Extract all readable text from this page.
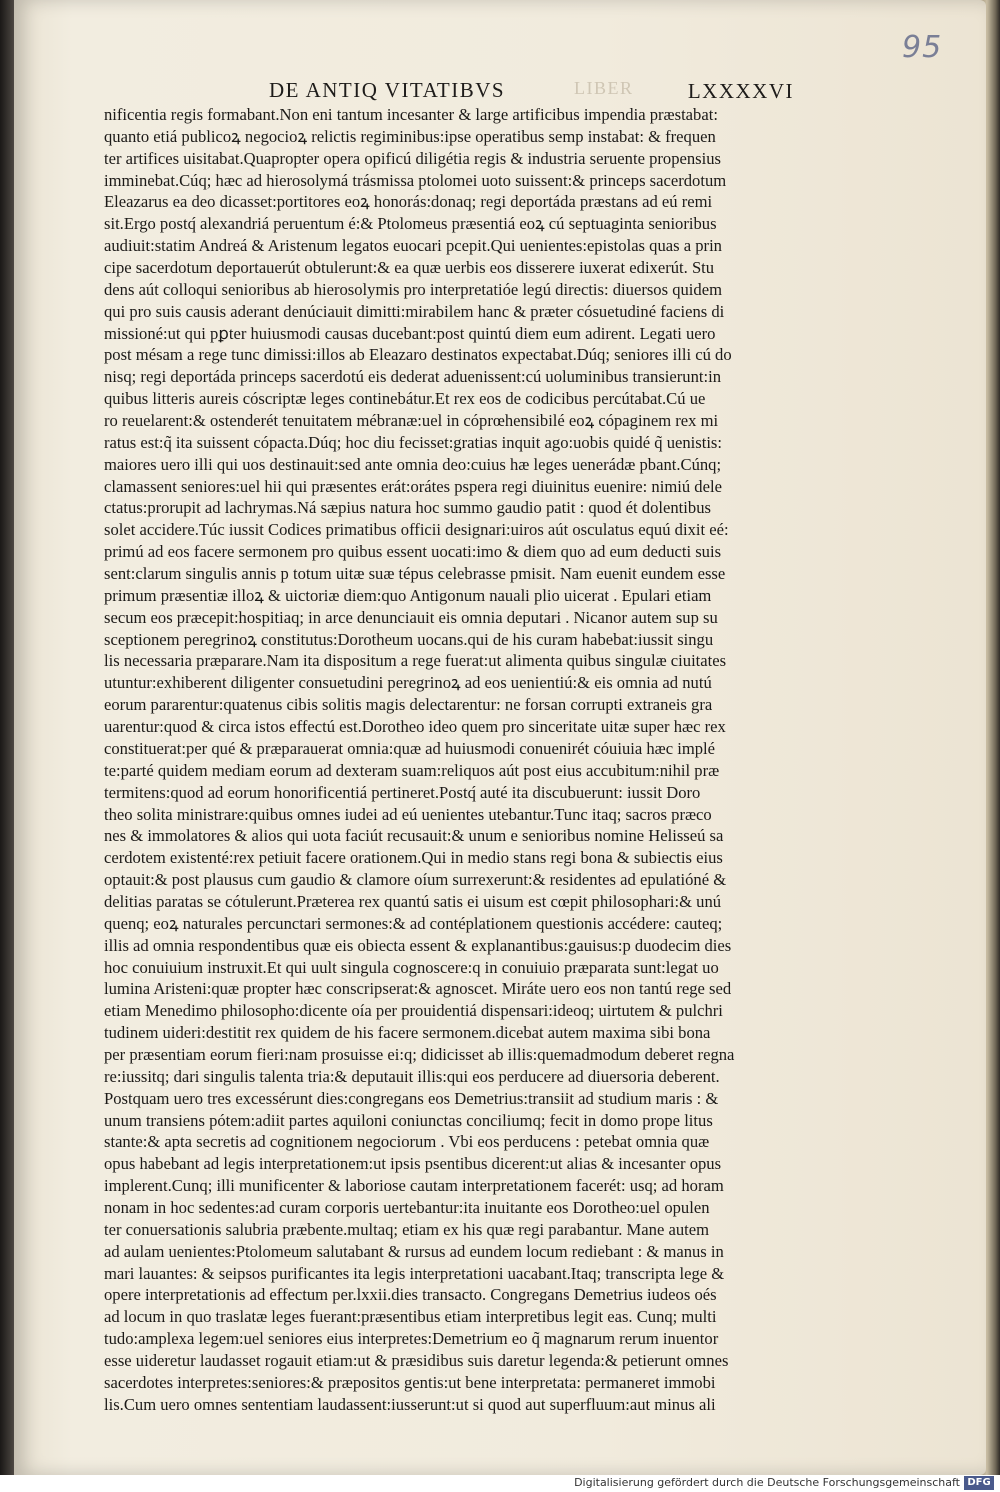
95
DE ANTIQ VITATIBVS	LIBER	LXXXXVI
nificentia regis formabant.Non eni tantum incesanter & large artificibus impendia præstabat:
quanto etiá publicoꝝ negocioꝝ relictis regiminibus:ipse operatibus semp instabat: & frequen
ter artifices uisitabat.Quapropter opera opificú diligétia regis & industria seruente propensius
imminebat.Cúq; hæc ad hierosolymá trásmissa ptolomei uoto suissent:& princeps sacerdotum
Eleazarus ea deo dicasset:portitores eoꝝ honorás:donaq; regi deportáda præstans ad eú remi
sit.Ergo postq́ alexandriá peruentum é:& Ptolomeus præsentiá eoꝝ cú septuaginta senioribus
audiuit:statim Andreá & Aristenum legatos euocari pcepit.Qui uenientes:epistolas quas a prin
cipe sacerdotum deportauerút obtulerunt:& ea quæ uerbis eos disserere iuxerat edixerút. Stu
dens aút colloqui senioribus ab hierosolymis pro interpretatióe legú directis: diuersos quidem
qui pro suis causis aderant denúciauit dimitti:mirabilem hanc & præter cósuetudiné faciens di
missioné:ut qui pꝑter huiusmodi causas ducebant:post quintú diem eum adirent. Legati uero
post mésam a rege tunc dimissi:illos ab Eleazaro destinatos expectabat.Dúq; seniores illi cú do
nisq; regi deportáda princeps sacerdotú eis dederat aduenissent:cú uoluminibus transierunt:in
quibus litteris aureis cóscriptæ leges continebátur.Et rex eos de codicibus percútabat.Cú ue
ro reuelarent:& ostenderét tenuitatem mébranæ:uel in cóprœhensibilé eoꝝ cópaginem rex mi
ratus est:q̃ ita suissent cópacta.Dúq; hoc diu fecisset:gratias inquit ago:uobis quidé q̃ uenistis:
maiores uero illi qui uos destinauit:sed ante omnia deo:cuius hæ leges uenerádæ pbant.Cúnq;
clamassent seniores:uel hii qui præsentes erát:orátes pspera regi diuinitus euenire: nimiú dele
ctatus:prorupit ad lachrymas.Ná sæpius natura hoc summo gaudio patit : quod ét dolentibus
solet accidere.Túc iussit Codices primatibus officii designari:uiros aút osculatus equú dixit eé:
primú ad eos facere sermonem pro quibus essent uocati:imo & diem quo ad eum deducti suis
sent:clarum singulis annis p totum uitæ suæ tépus celebrasse pmisit. Nam euenit eundem esse
primum præsentiæ illoꝝ & uictoriæ diem:quo Antigonum nauali plio uicerat . Epulari etiam
secum eos præcepit:hospitiaq; in arce denunciauit eis omnia deputari . Nicanor autem sup su
sceptionem peregrinoꝝ constitutus:Dorotheum uocans.qui de his curam habebat:iussit singu
lis necessaria præparare.Nam ita dispositum a rege fuerat:ut alimenta quibus singulæ ciuitates
utuntur:exhiberent diligenter consuetudini peregrinoꝝ ad eos uenientiú:& eis omnia ad nutú
eorum pararentur:quatenus cibis solitis magis delectarentur: ne forsan corrupti extraneis gra
uarentur:quod & circa istos effectú est.Dorotheo ideo quem pro sinceritate uitæ super hæc rex
constituerat:per qué & præparauerat omnia:quæ ad huiusmodi conuenirét cóuiuia hæc implé
te:parté quidem mediam eorum ad dexteram suam:reliquos aút post eius accubitum:nihil præ
termitens:quod ad eorum honorificentiá pertineret.Postq́ auté ita discubuerunt: iussit Doro
theo solita ministrare:quibus omnes iudei ad eú uenientes utebantur.Tunc itaq; sacros præco
nes & immolatores & alios qui uota faciút recusauit:& unum e senioribus nomine Helisseú sa
cerdotem existenté:rex petiuit facere orationem.Qui in medio stans regi bona & subiectis eius
optauit:& post plausus cum gaudio & clamore oíum surrexerunt:& residentes ad epulatióné &
delitias paratas se cótulerunt.Præterea rex quantú satis ei uisum est cœpit philosophari:& unú
quenq; eoꝝ naturales percunctari sermones:& ad contéplationem questionis accédere: cauteq;
illis ad omnia respondentibus quæ eis obiecta essent & explanantibus:gauisus:p duodecim dies
hoc conuiuium instruxit.Et qui uult singula cognoscere:q in conuiuio præparata sunt:legat uo
lumina Aristeni:quæ propter hæc conscripserat:& agnoscet. Miráte uero eos non tantú rege sed
etiam Menedimo philosopho:dicente oía per prouidentiá dispensari:ideoq; uirtutem & pulchri
tudinem uideri:destitit rex quidem de his facere sermonem.dicebat autem maxima sibi bona
per præsentiam eorum fieri:nam prosuisse ei:q; didicisset ab illis:quemadmodum deberet regna
re:iussitq; dari singulis talenta tria:& deputauit illis:qui eos perducere ad diuersoria deberent.
Postquam uero tres excessérunt dies:congregans eos Demetrius:transiit ad studium maris : &
unum transiens pótem:adiit partes aquiloni coniunctas conciliumq; fecit in domo prope litus
stante:& apta secretis ad cognitionem negociorum . Vbi eos perducens : petebat omnia quæ
opus habebant ad legis interpretationem:ut ipsis psentibus dicerent:ut alias & incesanter opus
implerent.Cunq; illi munificenter & laboriose cautam interpretationem facerét: usq; ad horam
nonam in hoc sedentes:ad curam corporis uertebantur:ita inuitante eos Dorotheo:uel opulen
ter conuersationis salubria præbente.multaq; etiam ex his quæ regi parabantur. Mane autem
ad aulam uenientes:Ptolomeum salutabant & rursus ad eundem locum rediebant : & manus in
mari lauantes: & seipsos purificantes ita legis interpretationi uacabant.Itaq; transcripta lege &
opere interpretationis ad effectum per.lxxii.dies transacto. Congregans Demetrius iudeos oés
ad locum in quo traslatæ leges fuerant:præsentibus etiam interpretibus legit eas. Cunq; multi
tudo:amplexa legem:uel seniores eius interpretes:Demetrium eo q̃ magnarum rerum inuentor
esse uideretur laudasset rogauit etiam:ut & præsidibus suis daretur legenda:& petierunt omnes
sacerdotes interpretes:seniores:& præpositos gentis:ut bene interpretata: permaneret immobi
lis.Cum uero omnes sententiam laudassent:iusserunt:ut si quod aut superfluum:aut minus ali
Digitalisierung gefördert durch die Deutsche Forschungsgemeinschaft DFG
